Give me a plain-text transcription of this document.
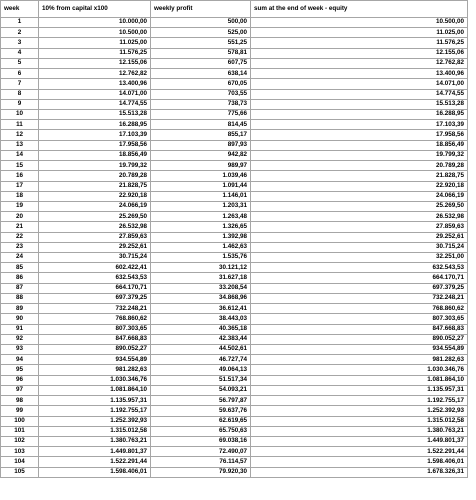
week	10% from capital x100	weekly profit	sum at the end of week - equity
1	10.000,00	500,00	10.500,00
2	10.500,00	525,00	11.025,00
3	11.025,00	551,25	11.576,25
4	11.576,25	578,81	12.155,06
5	12.155,06	607,75	12.762,82
6	12.762,82	638,14	13.400,96
7	13.400,96	670,05	14.071,00
8	14.071,00	703,55	14.774,55
9	14.774,55	738,73	15.513,28
10	15.513,28	775,66	16.288,95
11	16.288,95	814,45	17.103,39
12	17.103,39	855,17	17.958,56
13	17.958,56	897,93	18.856,49
14	18.856,49	942,82	19.799,32
15	19.799,32	989,97	20.789,28
16	20.789,28	1.039,46	21.828,75
17	21.828,75	1.091,44	22.920,18
18	22.920,18	1.146,01	24.066,19
19	24.066,19	1.203,31	25.269,50
20	25.269,50	1.263,48	26.532,98
21	26.532,98	1.326,65	27.859,63
22	27.859,63	1.392,98	29.252,61
23	29.252,61	1.462,63	30.715,24
24	30.715,24	1.535,76	32.251,00
85	602.422,41	30.121,12	632.543,53
86	632.543,53	31.627,18	664.170,71
87	664.170,71	33.208,54	697.379,25
88	697.379,25	34.868,96	732.248,21
89	732.248,21	36.612,41	768.860,62
90	768.860,62	38.443,03	807.303,65
91	807.303,65	40.365,18	847.668,83
92	847.668,83	42.383,44	890.052,27
93	890.052,27	44.502,61	934.554,89
94	934.554,89	46.727,74	981.282,63
95	981.282,63	49.064,13	1.030.346,76
96	1.030.346,76	51.517,34	1.081.864,10
97	1.081.864,10	54.093,21	1.135.957,31
98	1.135.957,31	56.797,87	1.192.755,17
99	1.192.755,17	59.637,76	1.252.392,93
100	1.252.392,93	62.619,65	1.315.012,58
101	1.315.012,58	65.750,63	1.380.763,21
102	1.380.763,21	69.038,16	1.449.801,37
103	1.449.801,37	72.490,07	1.522.291,44
104	1.522.291,44	76.114,57	1.598.406,01
105	1.598.406,01	79.920,30	1.678.326,31
